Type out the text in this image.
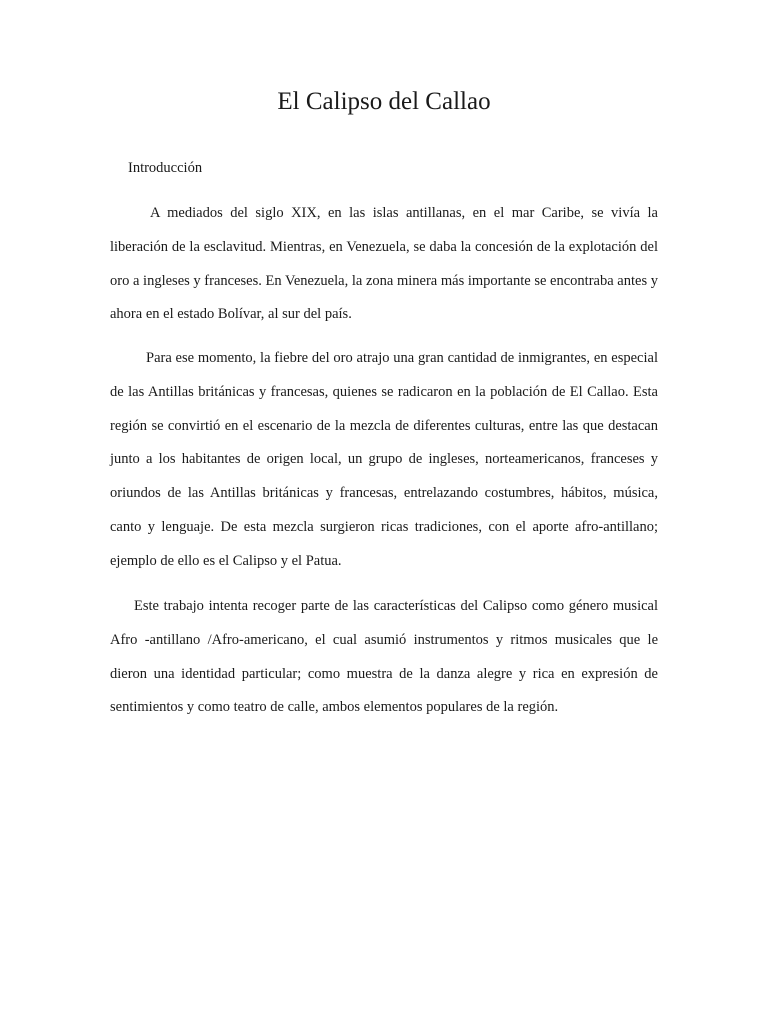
El Calipso del Callao

Introducción

A mediados del siglo XIX, en las islas antillanas, en el mar Caribe, se vivía la liberación de la esclavitud. Mientras, en Venezuela, se daba la concesión de la explotación del oro a ingleses y franceses. En Venezuela, la zona minera más importante se encontraba antes y ahora en el estado Bolívar, al sur del país.

Para ese momento, la fiebre del oro atrajo una gran cantidad de inmigrantes, en especial de las Antillas británicas y francesas, quienes se radicaron en la población de El Callao. Esta región se convirtió en el escenario de la mezcla de diferentes culturas, entre las que destacan junto a los habitantes de origen local, un grupo de ingleses, norteamericanos, franceses y oriundos de las Antillas británicas y francesas, entrelazando costumbres, hábitos, música, canto y lenguaje. De esta mezcla surgieron ricas tradiciones, con el aporte afro-antillano; ejemplo de ello es el Calipso y el Patua.

Este trabajo intenta recoger parte de las características del Calipso como género musical Afro -antillano /Afro-americano, el cual asumió instrumentos y ritmos musicales que le dieron una identidad particular; como muestra de la danza alegre y rica en expresión de sentimientos y como teatro de calle, ambos elementos populares de la región.
